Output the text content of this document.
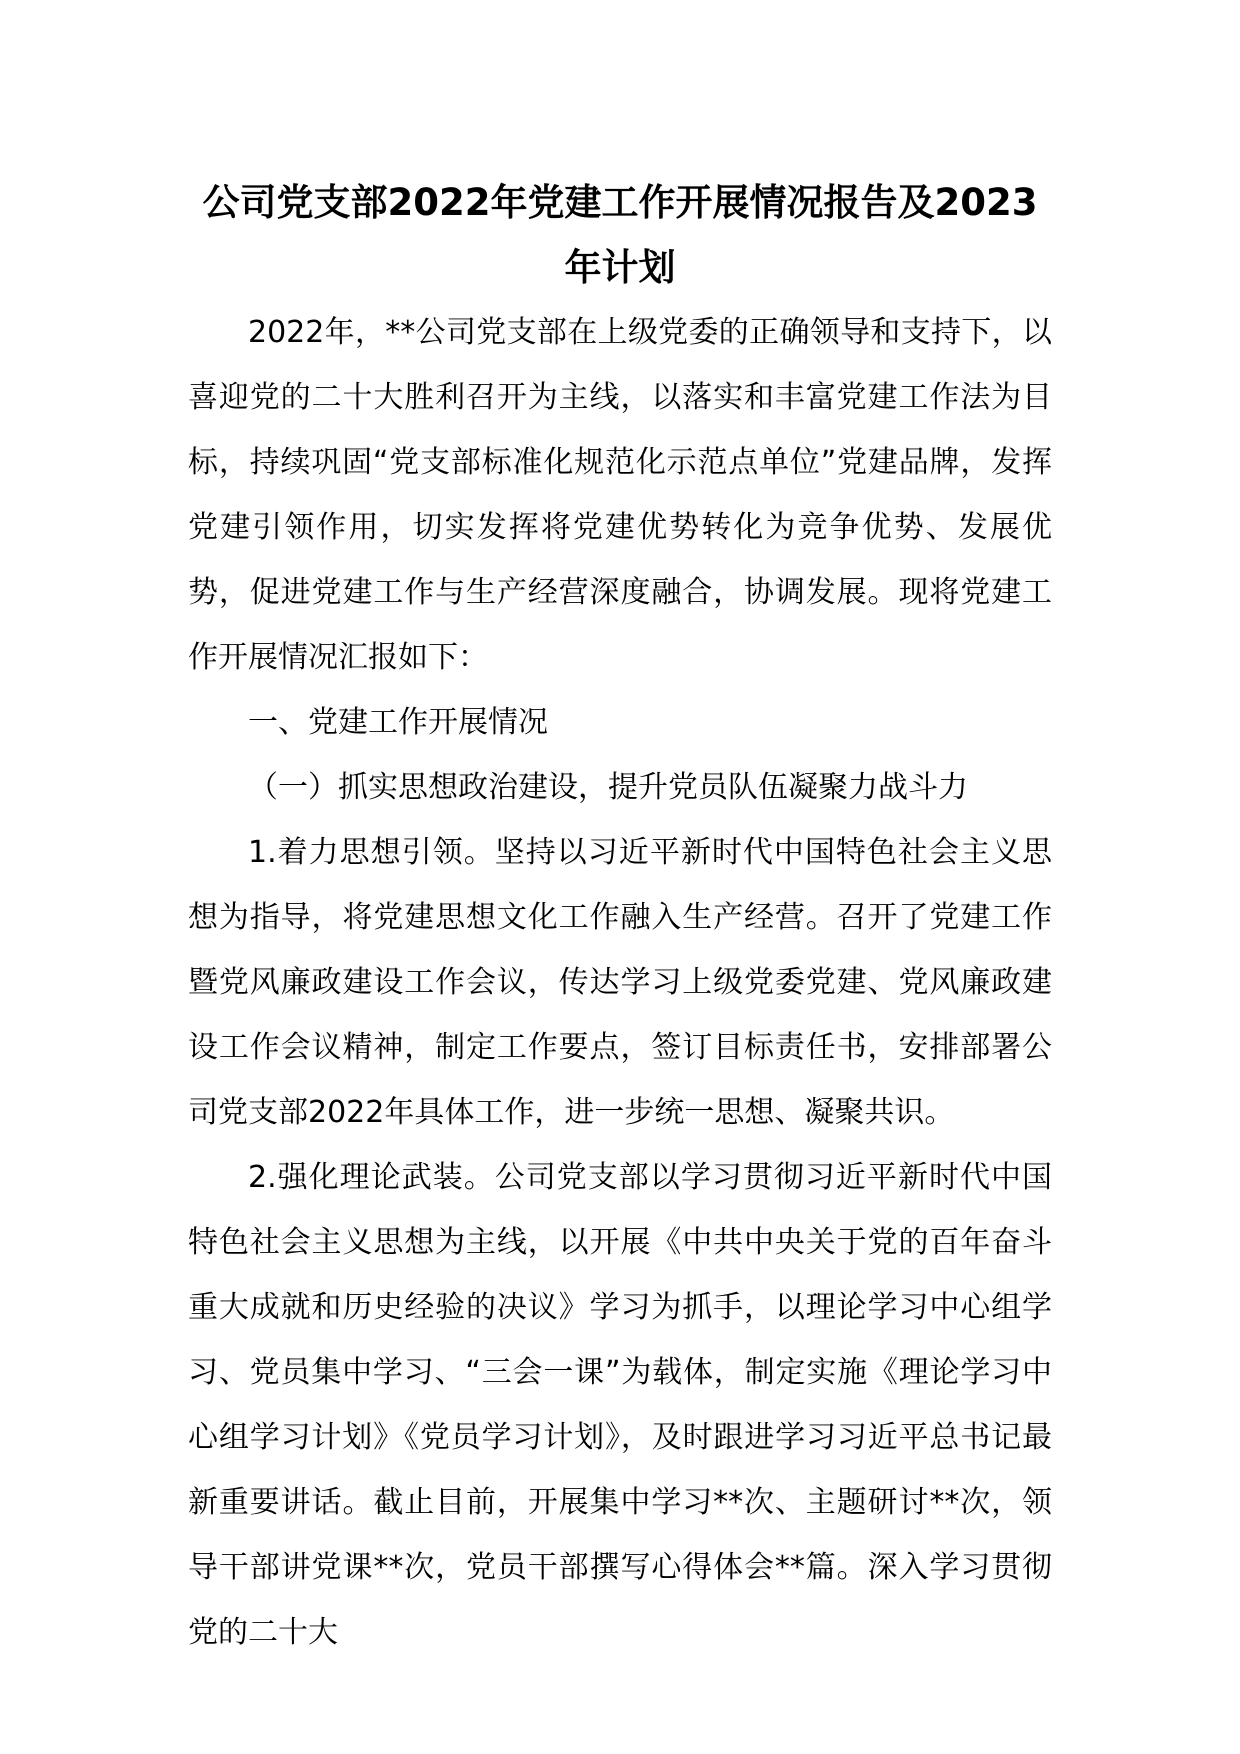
公司党支部2022年党建工作开展情况报告及2023年计划

2022年，**公司党支部在上级党委的正确领导和支持下，以喜迎党的二十大胜利召开为主线，以落实和丰富党建工作法为目标，持续巩固“党支部标准化规范化示范点单位”党建品牌，发挥党建引领作用，切实发挥将党建优势转化为竞争优势、发展优势，促进党建工作与生产经营深度融合，协调发展。现将党建工作开展情况汇报如下：

一、党建工作开展情况

（一）抓实思想政治建设，提升党员队伍凝聚力战斗力

1.着力思想引领。坚持以习近平新时代中国特色社会主义思想为指导，将党建思想文化工作融入生产经营。召开了党建工作暨党风廉政建设工作会议，传达学习上级党委党建、党风廉政建设工作会议精神，制定工作要点，签订目标责任书，安排部署公司党支部2022年具体工作，进一步统一思想、凝聚共识。

2.强化理论武装。公司党支部以学习贯彻习近平新时代中国特色社会主义思想为主线，以开展《中共中央关于党的百年奋斗重大成就和历史经验的决议》学习为抓手，以理论学习中心组学习、党员集中学习、“三会一课”为载体，制定实施《理论学习中心组学习计划》《党员学习计划》，及时跟进学习习近平总书记最新重要讲话。截止目前，开展集中学习**次、主题研讨**次，领导干部讲党课**次，党员干部撰写心得体会**篇。深入学习贯彻党的二十大
